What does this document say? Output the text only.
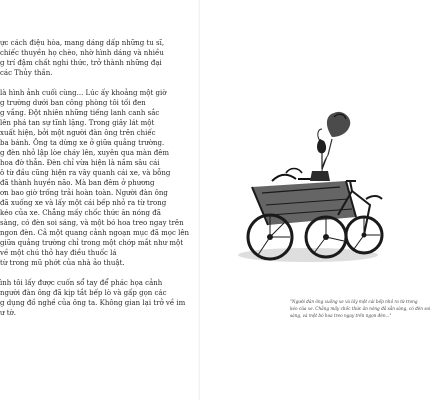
ực cách điệu hòa, mang dáng dấp những tu sĩ,

chiếc thuyền họ chèo, nhờ hình dáng và nhiều

g trí đậm chất nghi thức, trở thành những đại

các Thủy thần.

là hình ảnh cuối cùng... Lúc ấy khoảng một giờ

g trường dưới ban công phòng tôi tối đen

g vắng. Đột nhiên những tiếng lanh canh sắc

lên phá tan sự tĩnh lặng. Trong giây lát một

xuất hiện, bởi một người đàn ông trên chiếc

ba bánh. Ông ta dừng xe ở giữa quảng trường.

g đèn nhỏ lập lòe cháy lên, xuyên qua màn đêm

hoa đờ thẫn. Đèn chỉ vừa hiện là nắm sâu cái

ô từ đầu cũng hiện ra vây quanh cái xe, và bỗng

đã thành huyền não. Mà ban đêm ở phương

ơn bao giờ trống trải hoàn toàn. Người đàn ông

đã xuống xe và lấy một cái bếp nhỏ ra từ trong

kéo của xe. Chẳng mấy chốc thức ăn nóng đã

sàng, có đèn soi sáng, và một bó hoa treo ngay trên

ngon đèn. Cả một quang cảnh ngoạn mục đã mọc lên

giữa quảng trường chỉ trong một chớp mắt như một

về một chú thỏ hay điều thuốc lá

từ trong mũ phớt của nhà ảo thuật.

ình tôi lấy được cuốn sổ tay để phác họa cảnh

người đàn ông đã kịp tắt bếp lò và gấp gọn các

g dụng đồ nghề của ông ta. Không gian lại trở về im

ư tờ.

"Người đàn ông xuống xe và lấy một cái bếp nhỏ ra từ trong
kéo của xe. Chẳng mấy chốc thức ăn nóng đã sẵn sàng, có đèn soi
sáng, và một bó hoa treo ngay trên ngọn đèn..."
